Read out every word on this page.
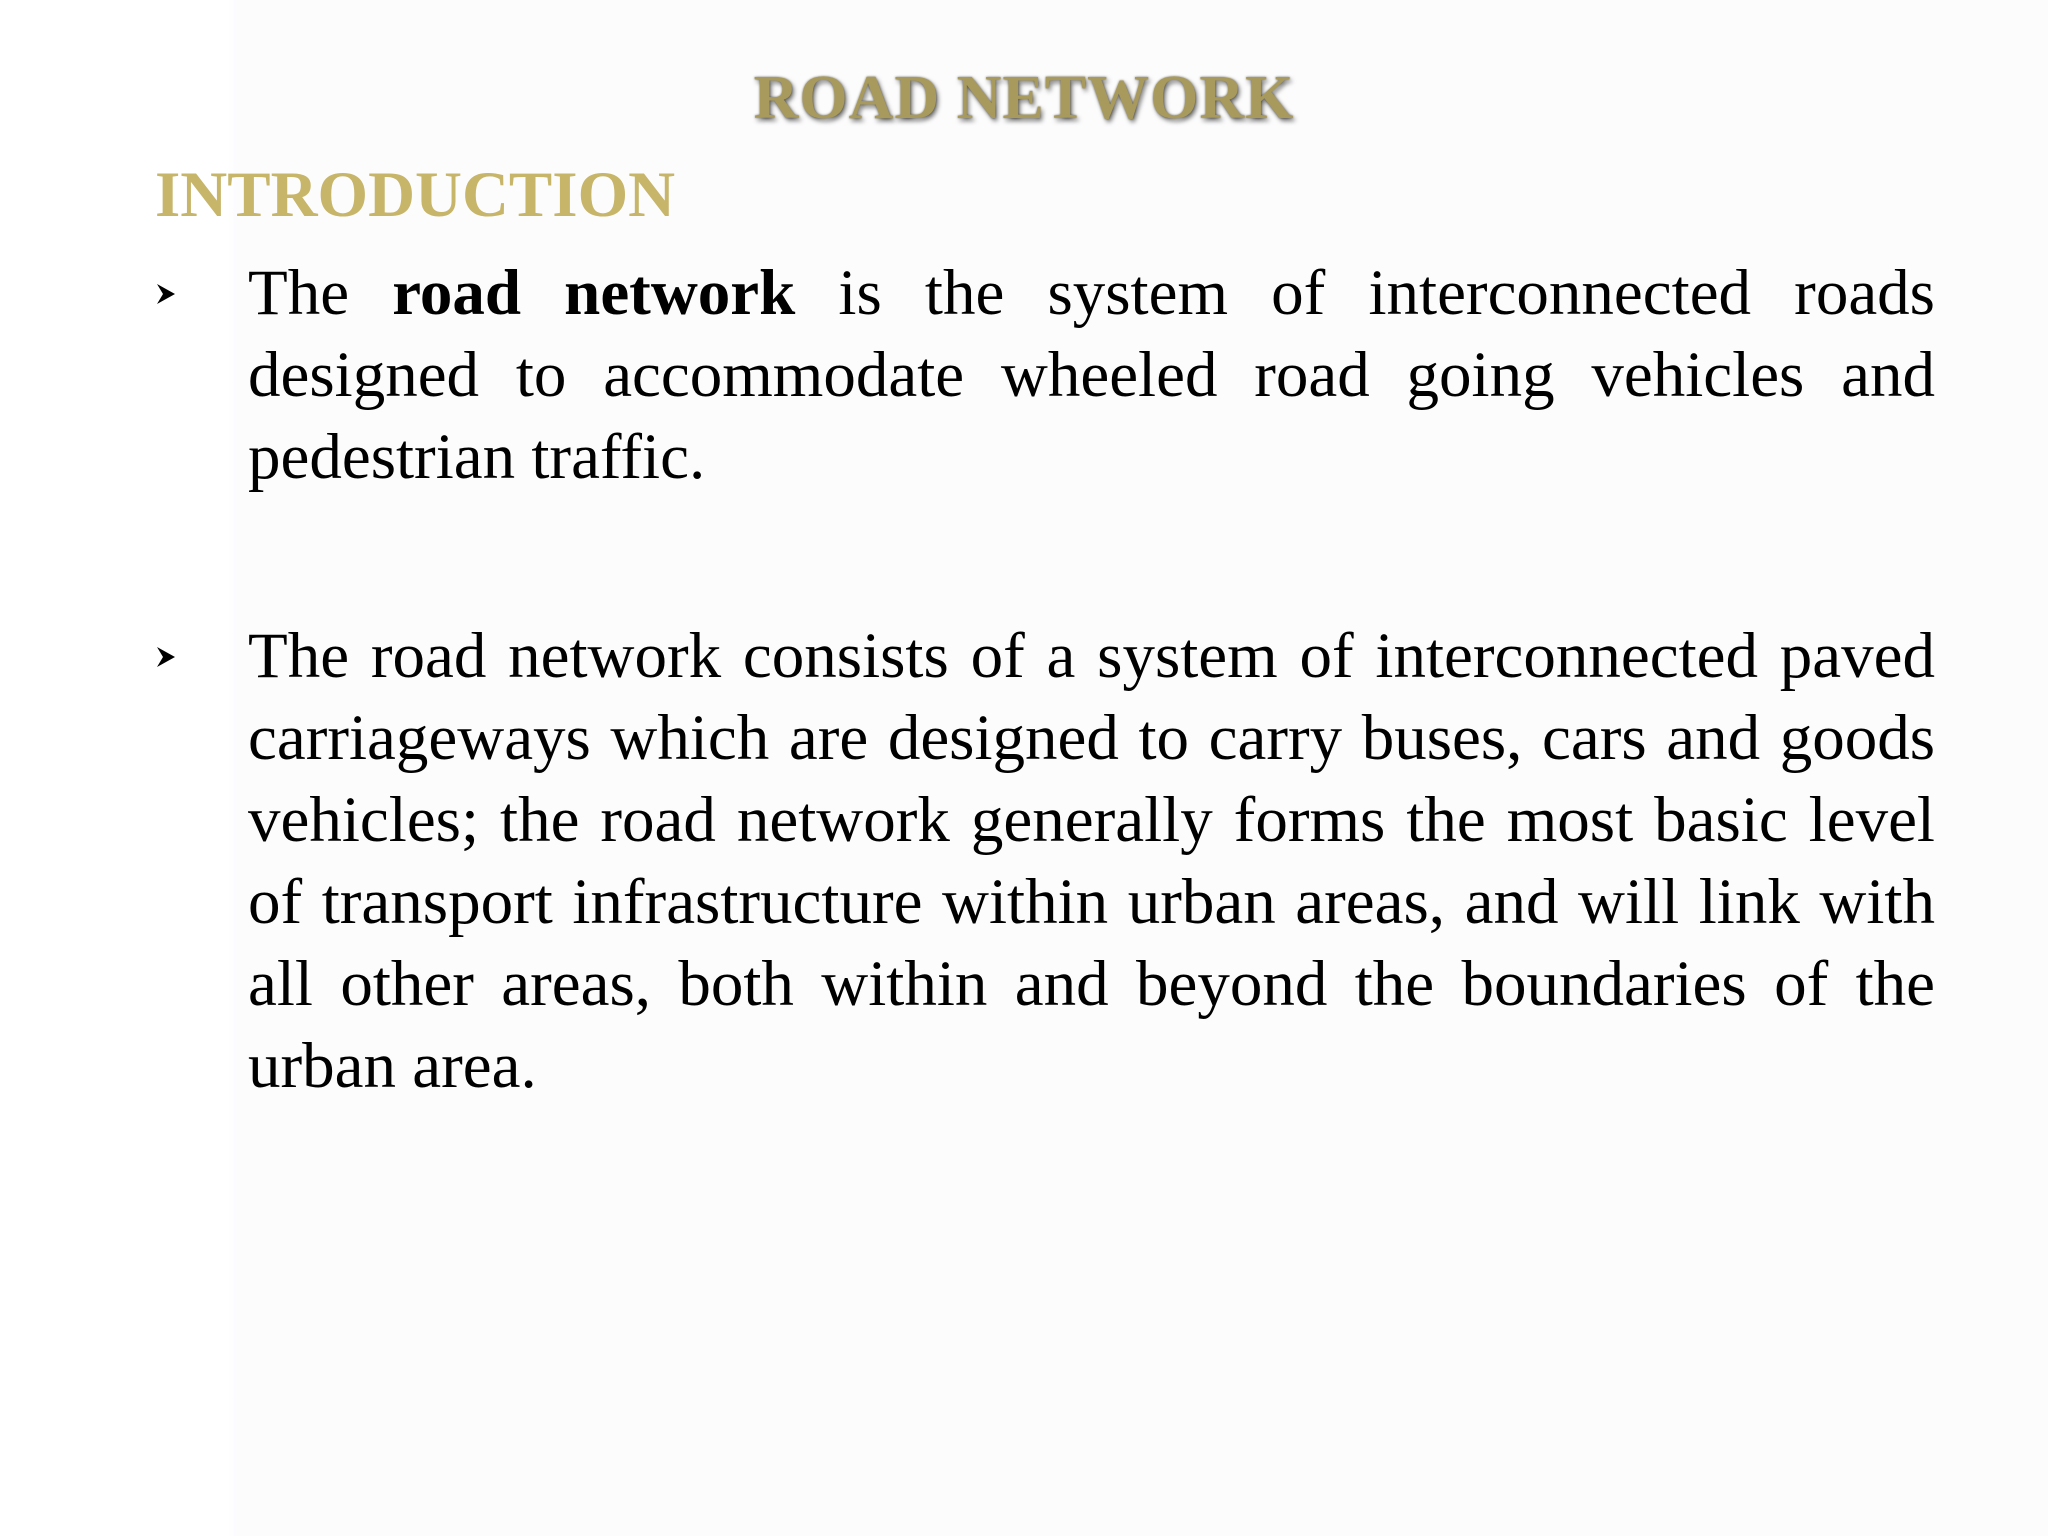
ROAD NETWORK
INTRODUCTION

The road network is the system of interconnected roads designed to accommodate wheeled road going vehicles and pedestrian traffic.

The road network consists of a system of interconnected paved carriageways which are designed to carry buses, cars and goods vehicles; the road network generally forms the most basic level of transport infrastructure within urban areas, and will link with all other areas, both within and beyond the boundaries of the urban area.
